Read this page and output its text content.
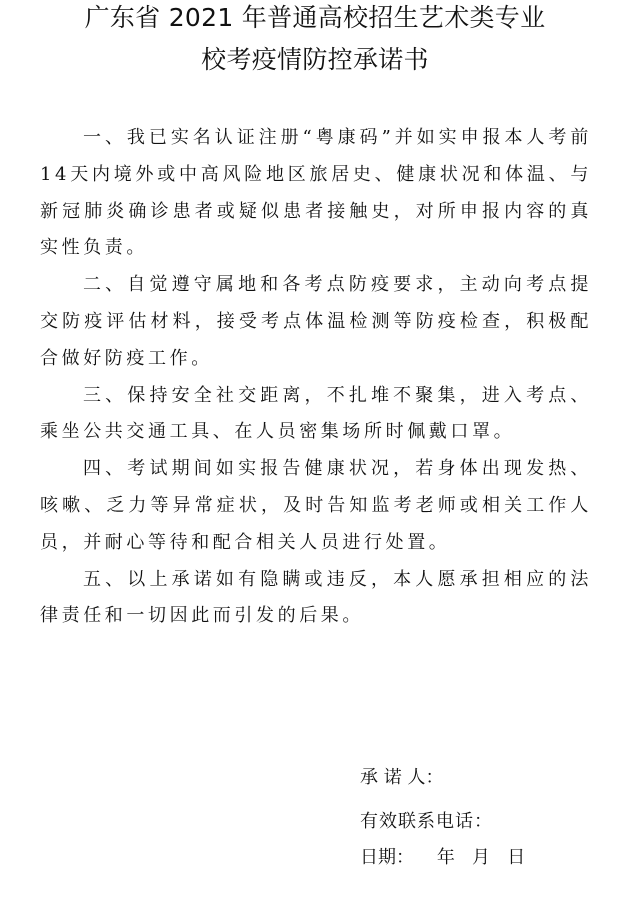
广东省 2021 年普通高校招生艺术类专业
校考疫情防控承诺书

一、我已实名认证注册“粤康码”并如实申报本人考前14天内境外或中高风险地区旅居史、健康状况和体温、与新冠肺炎确诊患者或疑似患者接触史，对所申报内容的真实性负责。

二、自觉遵守属地和各考点防疫要求，主动向考点提交防疫评估材料，接受考点体温检测等防疫检查，积极配合做好防疫工作。

三、保持安全社交距离，不扎堆不聚集，进入考点、乘坐公共交通工具、在人员密集场所时佩戴口罩。

四、考试期间如实报告健康状况，若身体出现发热、咳嗽、乏力等异常症状，及时告知监考老师或相关工作人员，并耐心等待和配合相关人员进行处置。

五、以上承诺如有隐瞒或违反，本人愿承担相应的法律责任和一切因此而引发的后果。

承 诺 人：
有效联系电话：
日期：    年   月   日
